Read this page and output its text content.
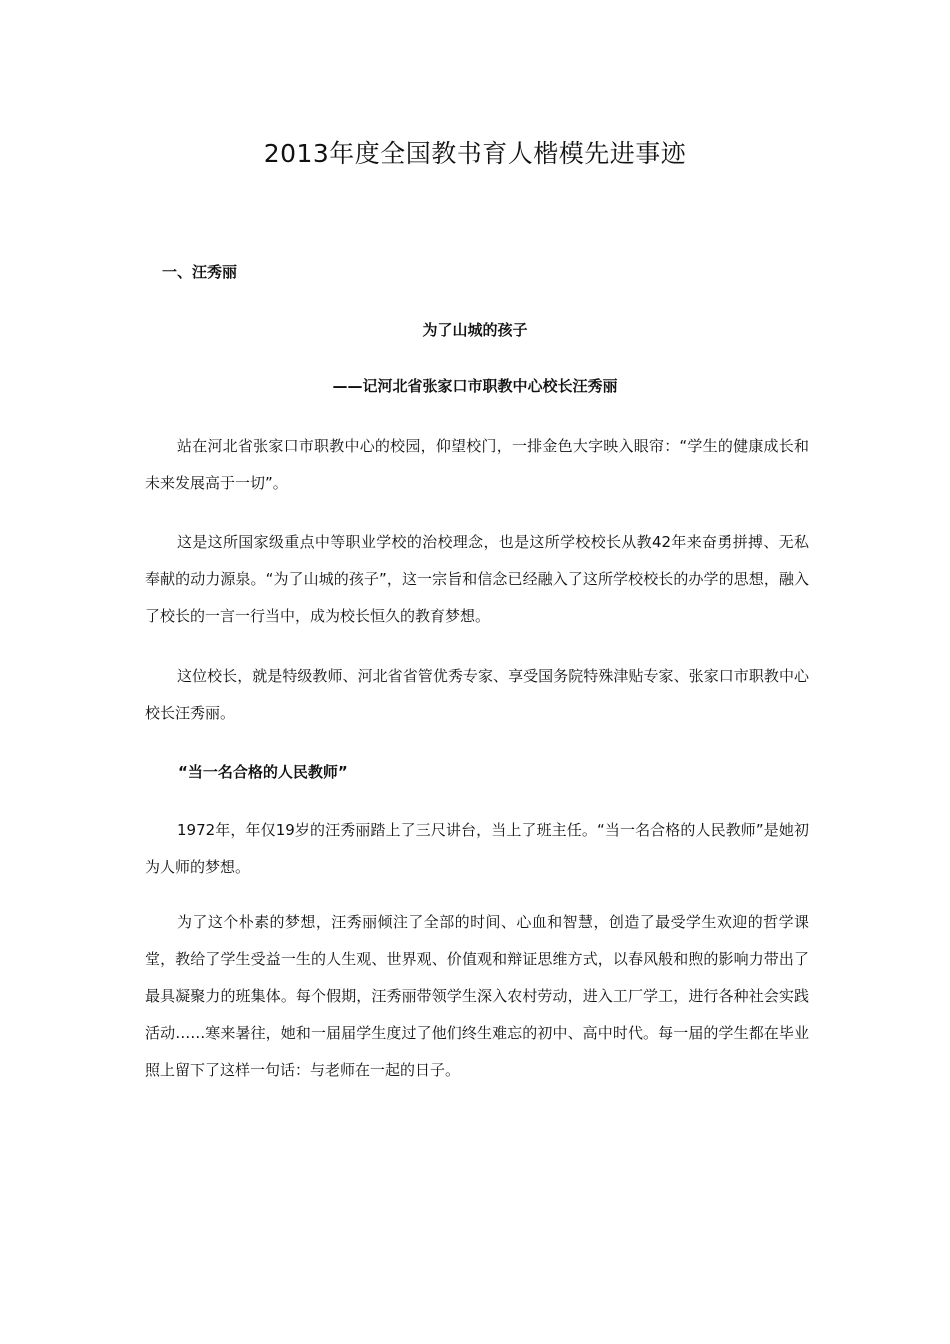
2013年度全国教书育人楷模先进事迹

一、汪秀丽

为了山城的孩子

——记河北省张家口市职教中心校长汪秀丽

站在河北省张家口市职教中心的校园，仰望校门，一排金色大字映入眼帘：“学生的健康成长和未来发展高于一切”。

这是这所国家级重点中等职业学校的治校理念，也是这所学校校长从教42年来奋勇拼搏、无私奉献的动力源泉。“为了山城的孩子”，这一宗旨和信念已经融入了这所学校校长的办学的思想，融入了校长的一言一行当中，成为校长恒久的教育梦想。

这位校长，就是特级教师、河北省省管优秀专家、享受国务院特殊津贴专家、张家口市职教中心校长汪秀丽。

“当一名合格的人民教师”

1972年，年仅19岁的汪秀丽踏上了三尺讲台，当上了班主任。“当一名合格的人民教师”是她初为人师的梦想。

为了这个朴素的梦想，汪秀丽倾注了全部的时间、心血和智慧，创造了最受学生欢迎的哲学课堂，教给了学生受益一生的人生观、世界观、价值观和辩证思维方式，以春风般和煦的影响力带出了最具凝聚力的班集体。每个假期，汪秀丽带领学生深入农村劳动，进入工厂学工，进行各种社会实践活动……寒来暑往，她和一届届学生度过了他们终生难忘的初中、高中时代。每一届的学生都在毕业照上留下了这样一句话：与老师在一起的日子。
